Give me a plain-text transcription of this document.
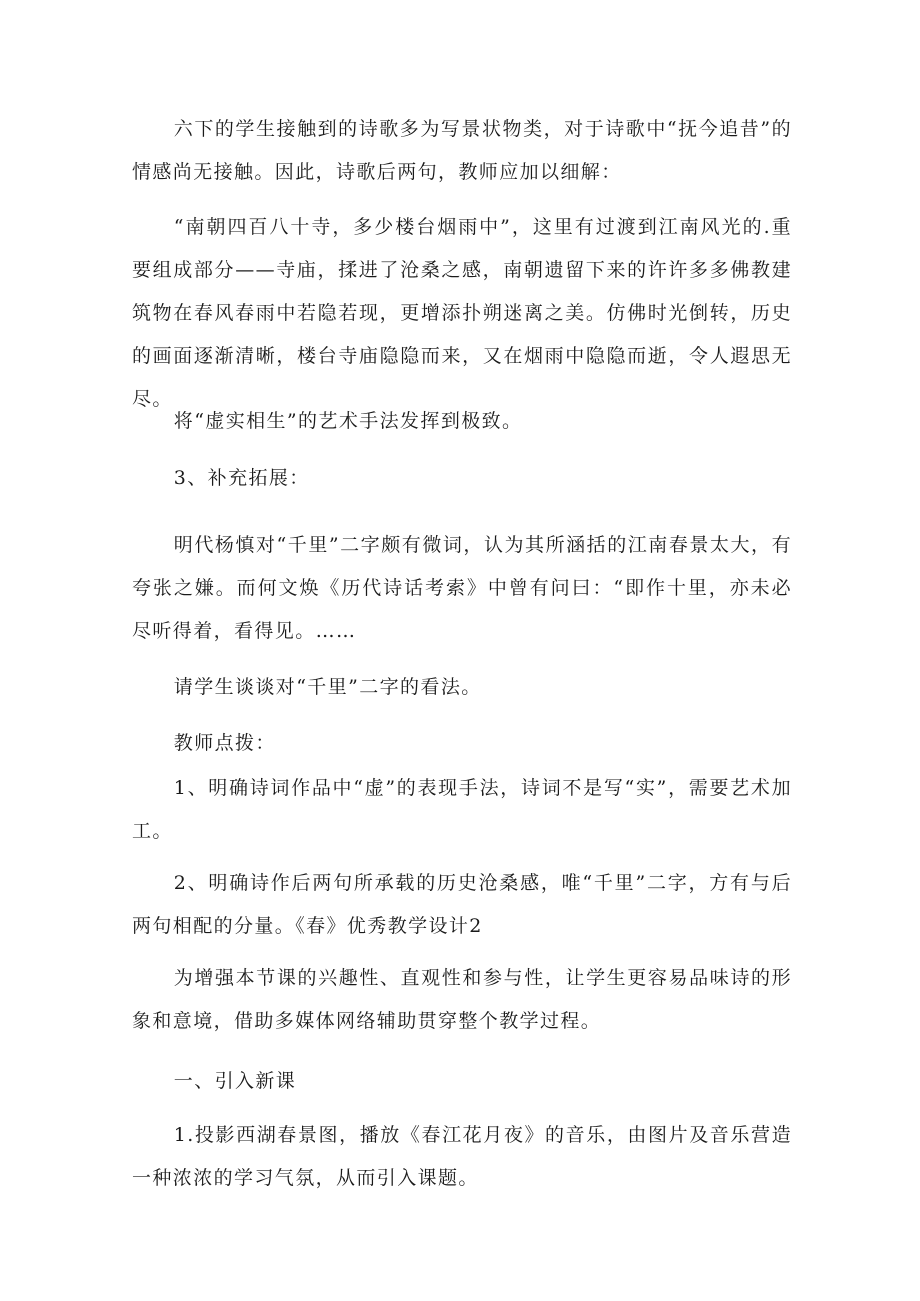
六下的学生接触到的诗歌多为写景状物类，对于诗歌中“抚今追昔”的情感尚无接触。因此，诗歌后两句，教师应加以细解：

“南朝四百八十寺，多少楼台烟雨中”，这里有过渡到江南风光的.重要组成部分——寺庙，揉进了沧桑之感，南朝遗留下来的许许多多佛教建筑物在春风春雨中若隐若现，更增添扑朔迷离之美。仿佛时光倒转，历史的画面逐渐清晰，楼台寺庙隐隐而来，又在烟雨中隐隐而逝，令人遐思无尽。

将“虚实相生”的艺术手法发挥到极致。

3、补充拓展：

明代杨慎对“千里”二字颇有微词，认为其所涵括的江南春景太大，有夸张之嫌。而何文焕《历代诗话考索》中曾有问曰：“即作十里，亦未必尽听得着，看得见。……

请学生谈谈对“千里”二字的看法。

教师点拨：

1、明确诗词作品中“虚”的表现手法，诗词不是写“实”，需要艺术加工。

2、明确诗作后两句所承载的历史沧桑感，唯“千里”二字，方有与后两句相配的分量。《春》优秀教学设计2

为增强本节课的兴趣性、直观性和参与性，让学生更容易品味诗的形象和意境，借助多媒体网络辅助贯穿整个教学过程。

一、引入新课

1.投影西湖春景图，播放《春江花月夜》的音乐，由图片及音乐营造一种浓浓的学习气氛，从而引入课题。
